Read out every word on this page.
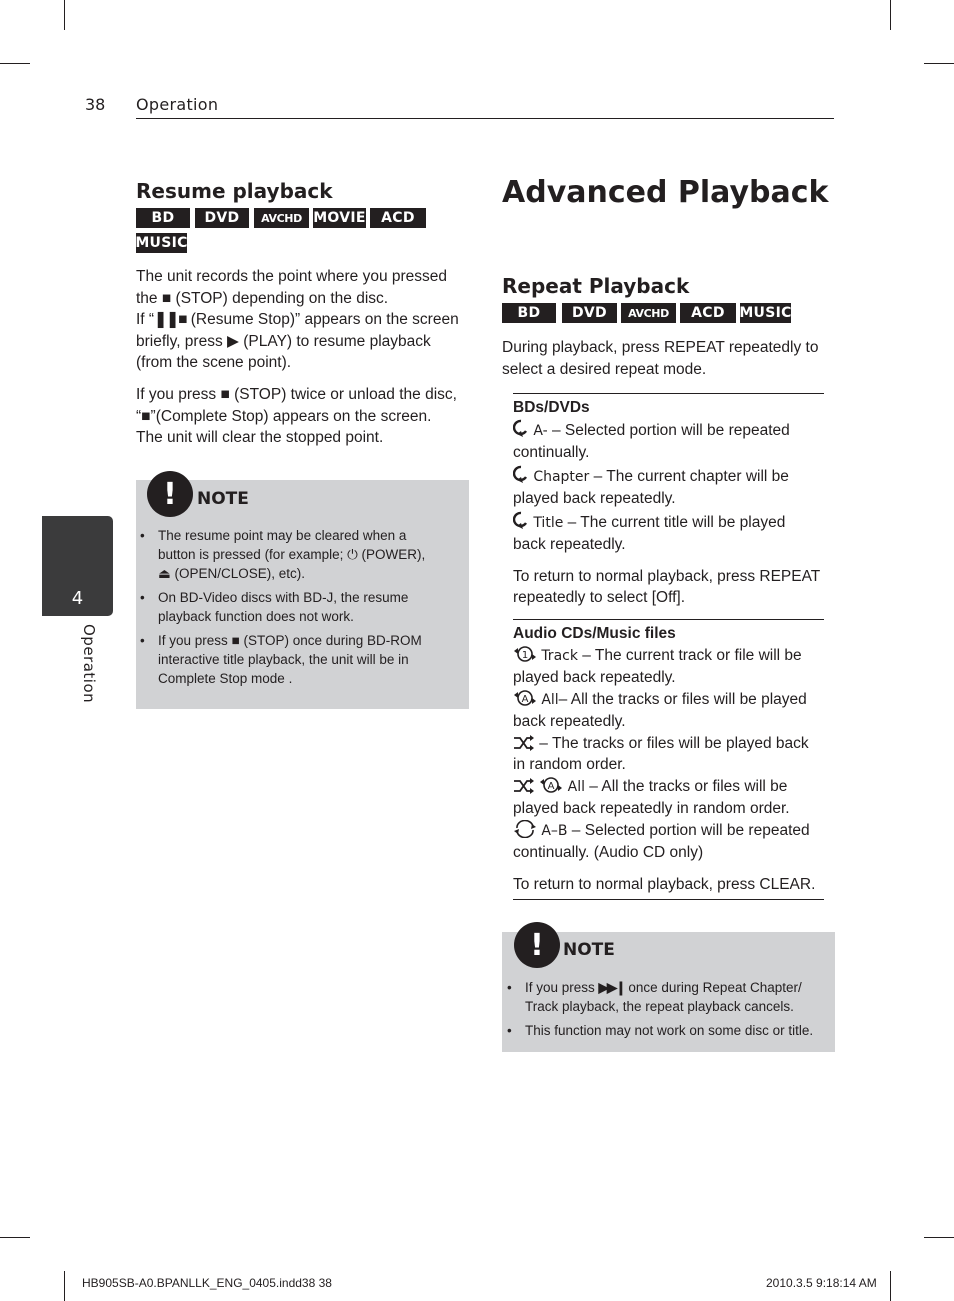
38 Operation
4
Operation
Resume playback
BD	DVD	AVCHD MOVIE	ACD
MUSIC

The unit records the point where you pressed

the ■ (STOP) depending on the disc.

If “❚❚■ (Resume Stop)” appears on the screen

briefly, press ▶ (PLAY) to resume playback

(from the scene point).

If you press ■ (STOP) twice or unload the disc,

“■”(Complete Stop) appears on the screen.

The unit will clear the stopped point.

!	NOTE
• The resume point may be cleared when a
button is pressed (for example; ⏻ (POWER),
⏏ (OPEN/CLOSE), etc).
• On BD-Video discs with BD-J, the resume
playback function does not work.
• If you press ■ (STOP) once during BD-ROM
interactive title playback, the unit will be in
Complete Stop mode .
Advanced Playback
Repeat Playback
BD	DVD	AVCHD	ACD	MUSIC

During playback, press REPEAT repeatedly to

select a desired repeat mode.

BDs/DVDs

A- – Selected portion will be repeated

continually.

Chapter – The current chapter will be

played back repeatedly.

Title – The current title will be played

back repeatedly.

To return to normal playback, press REPEAT

repeatedly to select [Off].

Audio CDs/Music files

1 Track – The current track or file will be

played back repeatedly.

A All– All the tracks or files will be played

back repeatedly.

– The tracks or files will be played back

in random order.

A All – All the tracks or files will be

played back repeatedly in random order.

A–B – Selected portion will be repeated

continually. (Audio CD only)

To return to normal playback, press CLEAR.

!	NOTE
• If you press ▶▶❙ once during Repeat Chapter/
Track playback, the repeat playback cancels.
• This function may not work on some disc or title.
HB905SB-A0.BPANLLK_ENG_0405.indd38 38	2010.3.5 9:18:14 AM
